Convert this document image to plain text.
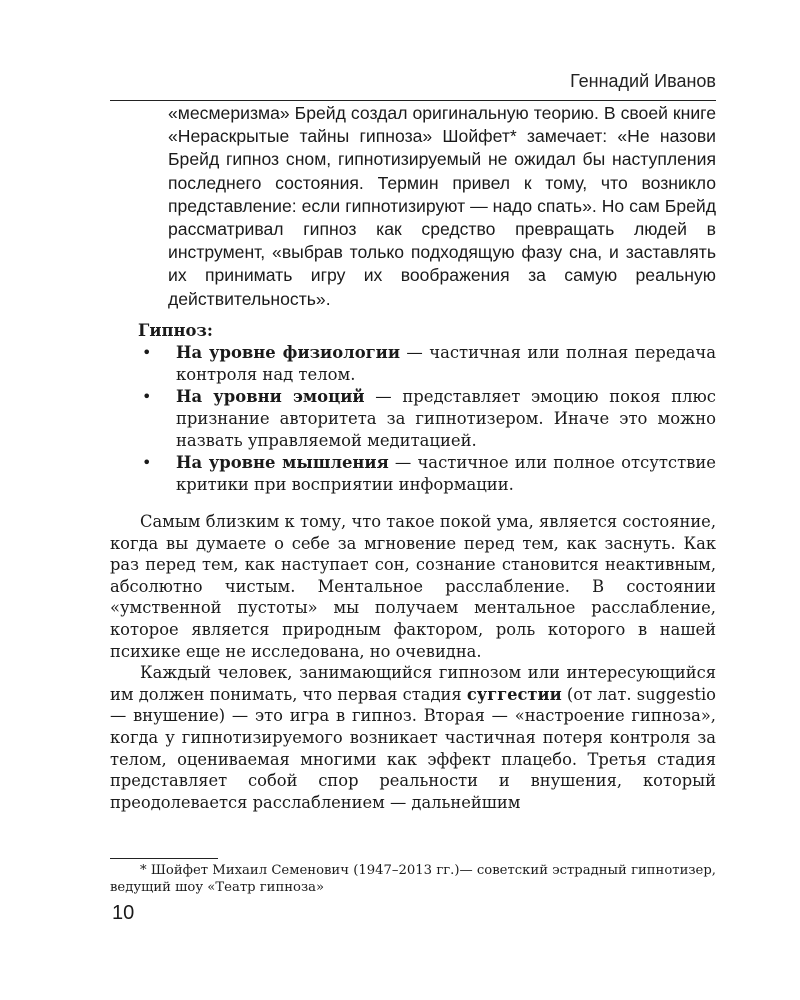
Геннадий Иванов

«месмеризма» Брейд создал оригинальную теорию. В своей книге «Нераскрытые тайны гипноза» Шойфет* замечает: «Не назови Брейд гипноз сном, гипнотизируемый не ожидал бы наступления последнего состояния. Термин привел к тому, что возникло представление: если гипнотизируют — надо спать». Но сам Брейд рассматривал гипноз как средство превращать людей в инструмент, «выбрав только подходящую фазу сна, и заставлять их принимать игру их воображения за самую реальную действительность».

Гипноз:
• На уровне физиологии — частичная или полная передача контроля над телом.
• На уровни эмоций — представляет эмоцию покоя плюс признание авторитета за гипнотизером. Иначе это можно назвать управляемой медитацией.
• На уровне мышления — частичное или полное отсутствие критики при восприятии информации.

Самым близким к тому, что такое покой ума, является состояние, когда вы думаете о себе за мгновение перед тем, как заснуть. Как раз перед тем, как наступает сон, сознание становится неактивным, абсолютно чистым. Ментальное расслабление. В состоянии «умственной пустоты» мы получаем ментальное расслабление, которое является природным фактором, роль которого в нашей психике еще не исследована, но очевидна.

Каждый человек, занимающийся гипнозом или интересующийся им должен понимать, что первая стадия суггестии (от лат. suggestio — внушение) — это игра в гипноз. Вторая — «настроение гипноза», когда у гипнотизируемого возникает частичная потеря контроля за телом, оцениваемая многими как эффект плацебо. Третья стадия представляет собой спор реальности и внушения, который преодолевается расслаблением — дальнейшим

* Шойфет Михаил Семенович (1947–2013 гг.)— советский эстрадный гипнотизер, ведущий шоу «Театр гипноза»

10
